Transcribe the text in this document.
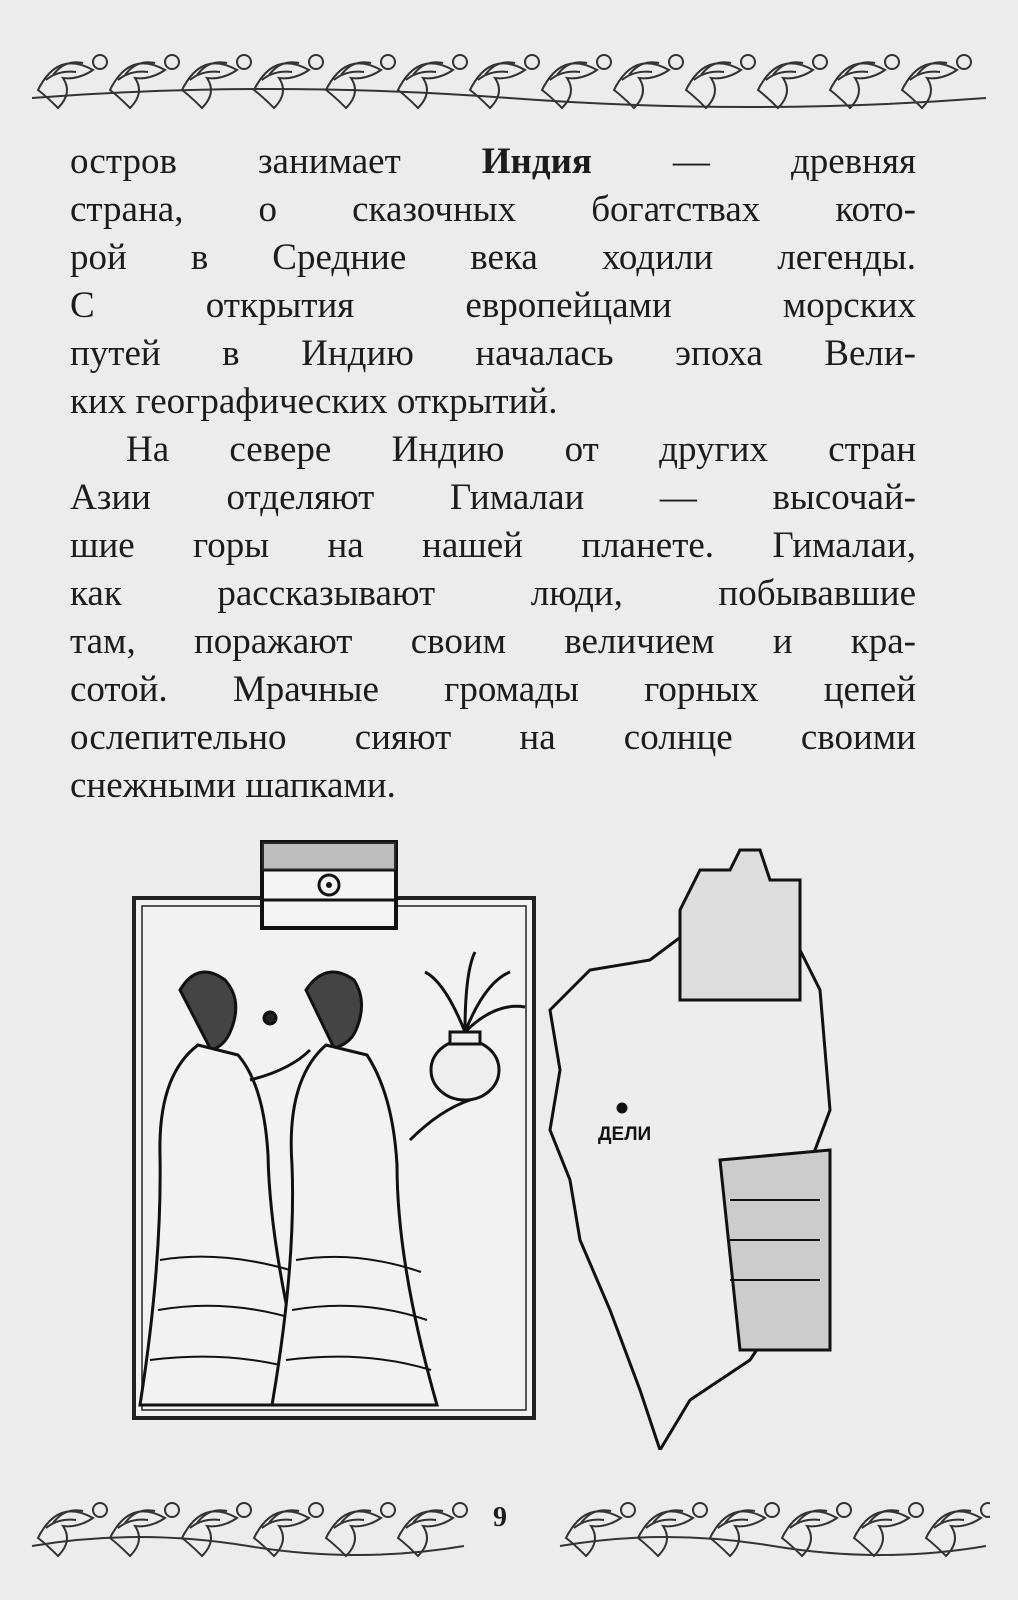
остров занимает Индия — древняя
страна, о сказочных богатствах кото-
рой в Средние века ходили легенды.
С открытия европейцами морских
путей в Индию началась эпоха Вели-
ких географических открытий.
На севере Индию от других стран
Азии отделяют Гималаи — высочай-
шие горы на нашей планете. Гималаи,
как рассказывают люди, побывавшие
там, поражают своим величием и кра-
сотой. Мрачные громады горных цепей
ослепительно сияют на солнце своими
снежными шапками.
ДЕЛИ
9
